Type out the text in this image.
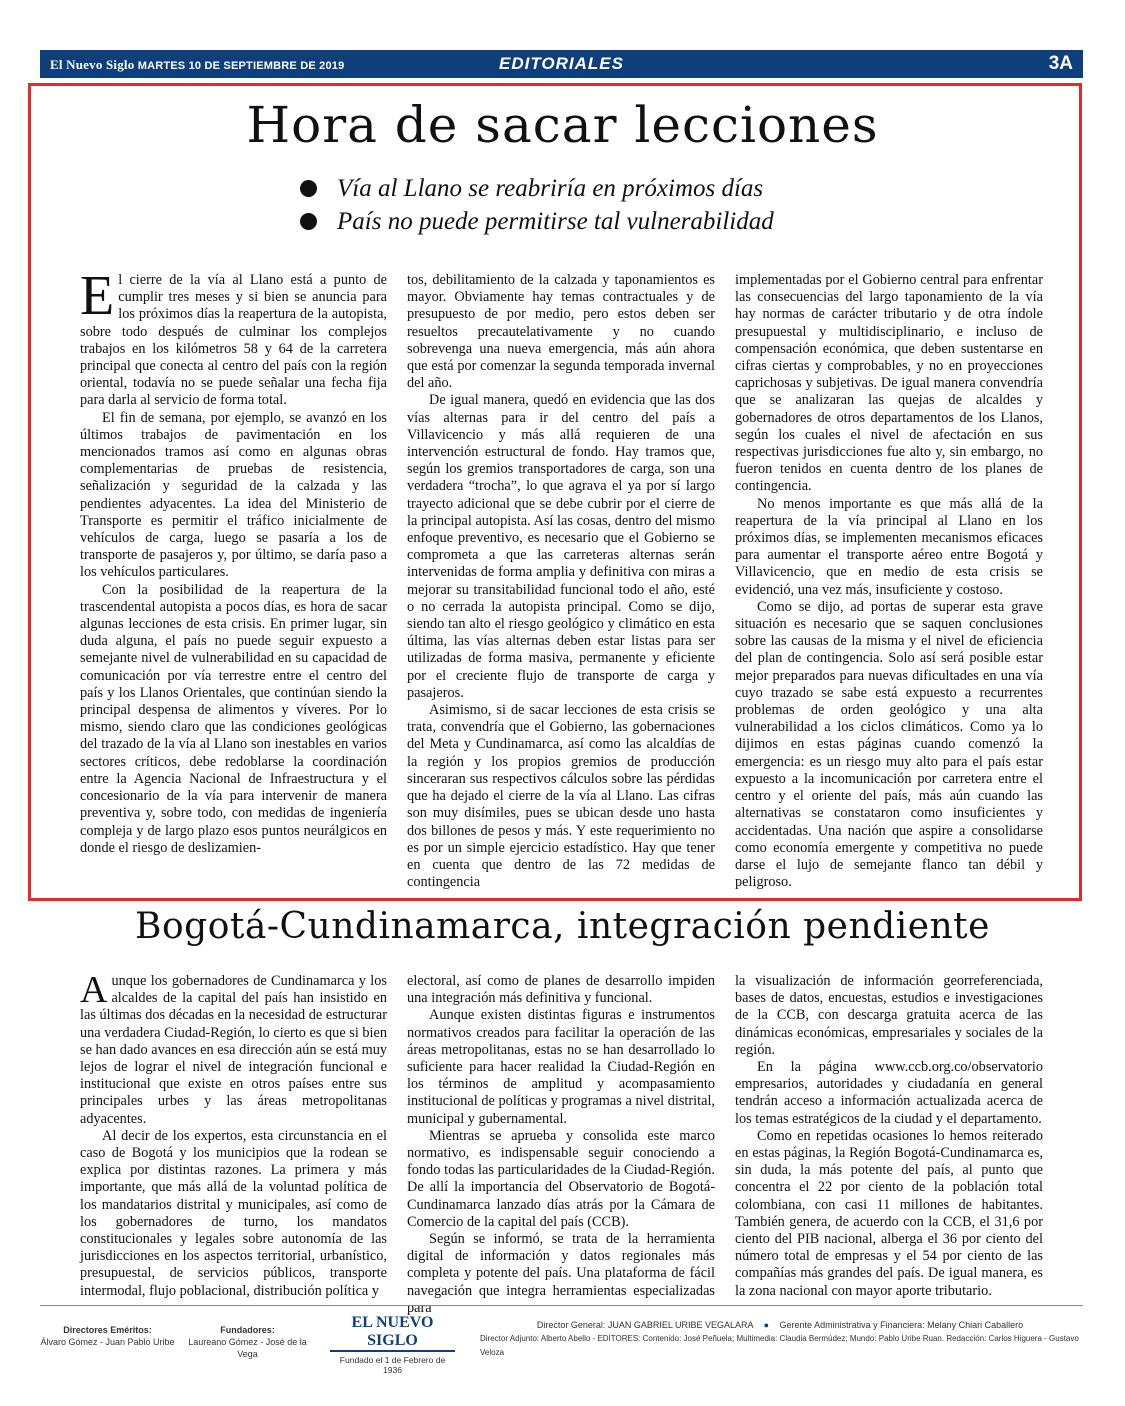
El Nuevo Siglo MARTES 10 DE SEPTIEMBRE DE 2019	EDITORIALES	3A
Hora de sacar lecciones
Vía al Llano se reabriría en próximos días
País no puede permitirse tal vulnerabilidad

El cierre de la vía al Llano está a punto de cumplir tres meses y si bien se anuncia para los próximos días la reapertura de la autopista, sobre todo después de culminar los complejos trabajos en los kilómetros 58 y 64 de la carretera principal que conecta al centro del país con la región oriental, todavía no se puede señalar una fecha fija para darla al servicio de forma total.

El fin de semana, por ejemplo, se avanzó en los últimos trabajos de pavimentación en los mencionados tramos así como en algunas obras complementarias de pruebas de resistencia, señalización y seguridad de la calzada y las pendientes adyacentes. La idea del Ministerio de Transporte es permitir el tráfico inicialmente de vehículos de carga, luego se pasaría a los de transporte de pasajeros y, por último, se daría paso a los vehículos particulares.

Con la posibilidad de la reapertura de la trascendental autopista a pocos días, es hora de sacar algunas lecciones de esta crisis. En primer lugar, sin duda alguna, el país no puede seguir expuesto a semejante nivel de vulnerabilidad en su capacidad de comunicación por vía terrestre entre el centro del país y los Llanos Orientales, que continúan siendo la principal despensa de alimentos y víveres. Por lo mismo, siendo claro que las condiciones geológicas del trazado de la vía al Llano son inestables en varios sectores críticos, debe redoblarse la coordinación entre la Agencia Nacional de Infraestructura y el concesionario de la vía para intervenir de manera preventiva y, sobre todo, con medidas de ingeniería compleja y de largo plazo esos puntos neurálgicos en donde el riesgo de deslizamien-

tos, debilitamiento de la calzada y taponamientos es mayor. Obviamente hay temas contractuales y de presupuesto de por medio, pero estos deben ser resueltos precautelativamente y no cuando sobrevenga una nueva emergencia, más aún ahora que está por comenzar la segunda temporada invernal del año.

De igual manera, quedó en evidencia que las dos vías alternas para ir del centro del país a Villavicencio y más allá requieren de una intervención estructural de fondo. Hay tramos que, según los gremios transportadores de carga, son una verdadera “trocha”, lo que agrava el ya por sí largo trayecto adicional que se debe cubrir por el cierre de la principal autopista. Así las cosas, dentro del mismo enfoque preventivo, es necesario que el Gobierno se comprometa a que las carreteras alternas serán intervenidas de forma amplia y definitiva con miras a mejorar su transitabilidad funcional todo el año, esté o no cerrada la autopista principal. Como se dijo, siendo tan alto el riesgo geológico y climático en esta última, las vías alternas deben estar listas para ser utilizadas de forma masiva, permanente y eficiente por el creciente flujo de transporte de carga y pasajeros.

Asimismo, si de sacar lecciones de esta crisis se trata, convendría que el Gobierno, las gobernaciones del Meta y Cundinamarca, así como las alcaldías de la región y los propios gremios de producción sinceraran sus respectivos cálculos sobre las pérdidas que ha dejado el cierre de la vía al Llano. Las cifras son muy disímiles, pues se ubican desde uno hasta dos billones de pesos y más. Y este requerimiento no es por un simple ejercicio estadístico. Hay que tener en cuenta que dentro de las 72 medidas de contingencia

implementadas por el Gobierno central para enfrentar las consecuencias del largo taponamiento de la vía hay normas de carácter tributario y de otra índole presupuestal y multidisciplinario, e incluso de compensación económica, que deben sustentarse en cifras ciertas y comprobables, y no en proyecciones caprichosas y subjetivas. De igual manera convendría que se analizaran las quejas de alcaldes y gobernadores de otros departamentos de los Llanos, según los cuales el nivel de afectación en sus respectivas jurisdicciones fue alto y, sin embargo, no fueron tenidos en cuenta dentro de los planes de contingencia.

No menos importante es que más allá de la reapertura de la vía principal al Llano en los próximos días, se implementen mecanismos eficaces para aumentar el transporte aéreo entre Bogotá y Villavicencio, que en medio de esta crisis se evidenció, una vez más, insuficiente y costoso.

Como se dijo, ad portas de superar esta grave situación es necesario que se saquen conclusiones sobre las causas de la misma y el nivel de eficiencia del plan de contingencia. Solo así será posible estar mejor preparados para nuevas dificultades en una vía cuyo trazado se sabe está expuesto a recurrentes problemas de orden geológico y una alta vulnerabilidad a los ciclos climáticos. Como ya lo dijimos en estas páginas cuando comenzó la emergencia: es un riesgo muy alto para el país estar expuesto a la incomunicación por carretera entre el centro y el oriente del país, más aún cuando las alternativas se constataron como insuficientes y accidentadas. Una nación que aspire a consolidarse como economía emergente y competitiva no puede darse el lujo de semejante flanco tan débil y peligroso.

Bogotá-Cundinamarca, integración pendiente

Aunque los gobernadores de Cundinamarca y los alcaldes de la capital del país han insistido en las últimas dos décadas en la necesidad de estructurar una verdadera Ciudad-Región, lo cierto es que si bien se han dado avances en esa dirección aún se está muy lejos de lograr el nivel de integración funcional e institucional que existe en otros países entre sus principales urbes y las áreas metropolitanas adyacentes.

Al decir de los expertos, esta circunstancia en el caso de Bogotá y los municipios que la rodean se explica por distintas razones. La primera y más importante, que más allá de la voluntad política de los mandatarios distrital y municipales, así como de los gobernadores de turno, los mandatos constitucionales y legales sobre autonomía de las jurisdicciones en los aspectos territorial, urbanístico, presupuestal, de servicios públicos, transporte intermodal, flujo poblacional, distribución política y

electoral, así como de planes de desarrollo impiden una integración más definitiva y funcional.

Aunque existen distintas figuras e instrumentos normativos creados para facilitar la operación de las áreas metropolitanas, estas no se han desarrollado lo suficiente para hacer realidad la Ciudad-Región en los términos de amplitud y acompasamiento institucional de políticas y programas a nivel distrital, municipal y gubernamental.

Mientras se aprueba y consolida este marco normativo, es indispensable seguir conociendo a fondo todas las particularidades de la Ciudad-Región. De allí la importancia del Observatorio de Bogotá-Cundinamarca lanzado días atrás por la Cámara de Comercio de la capital del país (CCB).

Según se informó, se trata de la herramienta digital de información y datos regionales más completa y potente del país. Una plataforma de fácil navegación que integra herramientas especializadas para

la visualización de información georreferenciada, bases de datos, encuestas, estudios e investigaciones de la CCB, con descarga gratuita acerca de las dinámicas económicas, empresariales y sociales de la región.

En la página www.ccb.org.co/observatorio empresarios, autoridades y ciudadanía en general tendrán acceso a información actualizada acerca de los temas estratégicos de la ciudad y el departamento.

Como en repetidas ocasiones lo hemos reiterado en estas páginas, la Región Bogotá-Cundinamarca es, sin duda, la más potente del país, al punto que concentra el 22 por ciento de la población total colombiana, con casi 11 millones de habitantes. También genera, de acuerdo con la CCB, el 31,6 por ciento del PIB nacional, alberga el 36 por ciento del número total de empresas y el 54 por ciento de las compañías más grandes del país. De igual manera, es la zona nacional con mayor aporte tributario.

Directores Eméritos:
Álvaro Gómez - Juan Pablo Uribe
Fundadores:
Laureano Gómez - José de la Vega
EL NUEVO SIGLO
Fundado el 1 de Febrero de 1936
Director General: JUAN GABRIEL URIBE VEGALARA ● Gerente Administrativa y Financiera: Melany Chiari Caballero
Director Adjunto: Alberto Abello - EDITORES: Contenido: José Peñuela; Multimedia: Claudia Bermúdez; Mundo: Pablo Uribe Ruan. Redacción: Carlos Higuera - Gustavo Veloza
